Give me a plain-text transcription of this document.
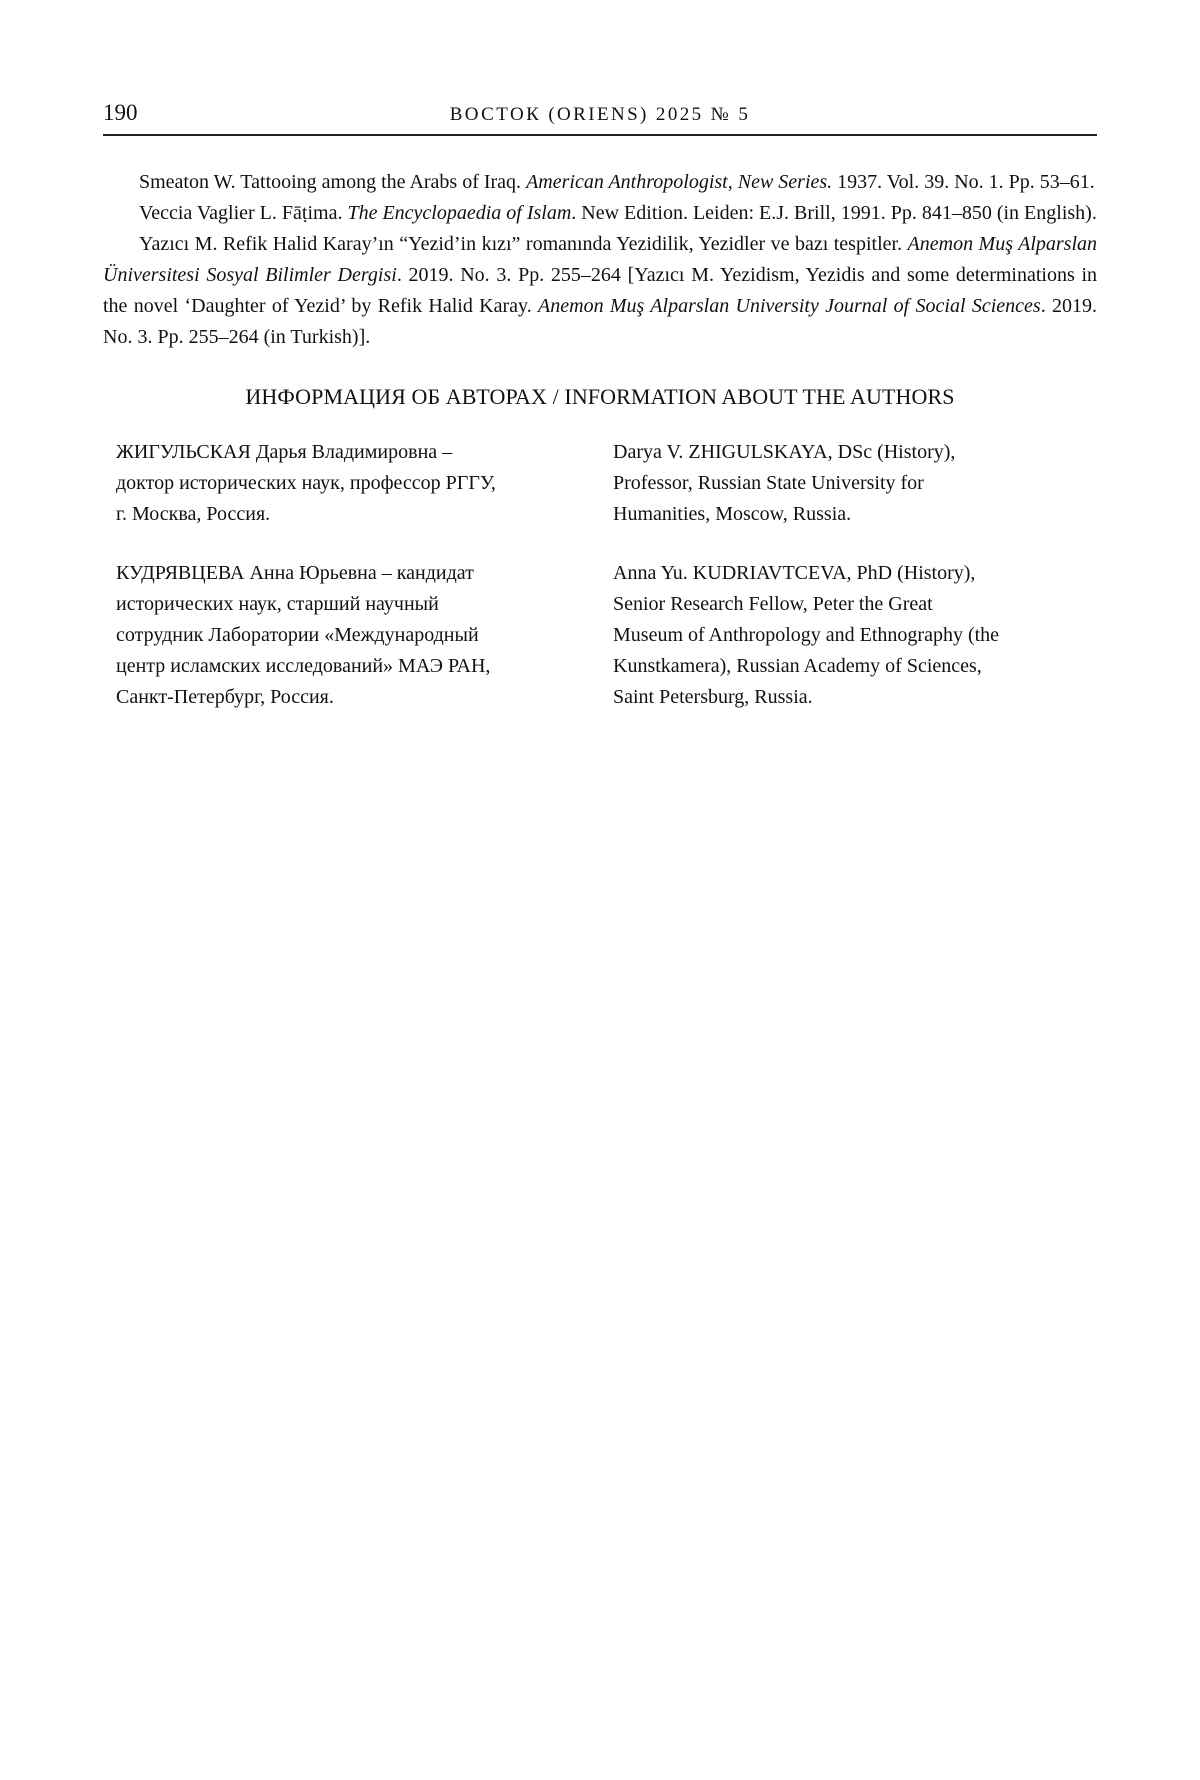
190	ВОСТОК (ORIENS) 2025 № 5

Smeaton W. Tattooing among the Arabs of Iraq. American Anthropologist, New Series. 1937. Vol. 39. No. 1. Pp. 53–61.

Veccia Vaglier L. Fāṭima. The Encyclopaedia of Islam. New Edition. Leiden: E.J. Brill, 1991. Pp. 841–850 (in English).

Yazıcı M. Refik Halid Karay’ın “Yezid’in kızı” romanında Yezidilik, Yezidler ve bazı tespitler. Anemon Muş Alparslan Üniversitesi Sosyal Bilimler Dergisi. 2019. No. 3. Pp. 255–264 [Yazıcı M. Yezidism, Yezidis and some determinations in the novel ‘Daughter of Yezid’ by Refik Halid Karay. Anemon Muş Alparslan University Journal of Social Sciences. 2019. No. 3. Pp. 255–264 (in Turkish)].

ИНФОРМАЦИЯ ОБ АВТОРАХ / INFORMATION ABOUT THE AUTHORS

ЖИГУЛЬСКАЯ Дарья Владимировна –
доктор исторических наук, профессор РГГУ,
г. Москва, Россия.

Darya V. ZHIGULSKAYA, DSc (History),
Professor, Russian State University for
Humanities, Moscow, Russia.

КУДРЯВЦЕВА Анна Юрьевна – кандидат
исторических наук, старший научный
сотрудник Лаборатории «Международный
центр исламских исследований» МАЭ РАН,
Санкт-Петербург, Россия.

Anna Yu. KUDRIAVTCEVA, PhD (History),
Senior Research Fellow, Peter the Great
Museum of Anthropology and Ethnography (the
Kunstkamera), Russian Academy of Sciences,
Saint Petersburg, Russia.
